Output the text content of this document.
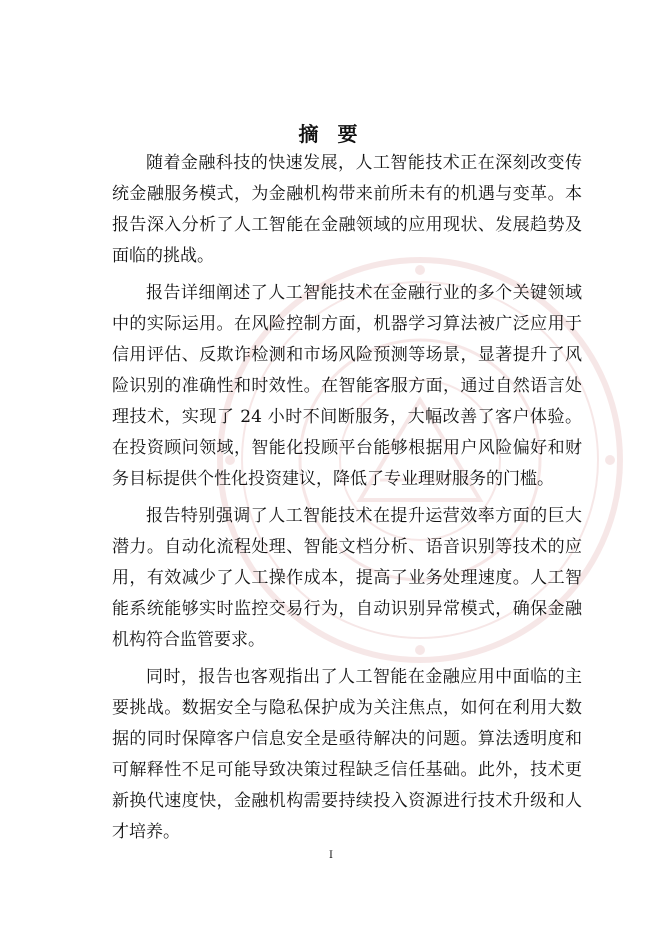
摘 要

随着金融科技的快速发展，人工智能技术正在深刻改变传统金融服务模式，为金融机构带来前所未有的机遇与变革。本报告深入分析了人工智能在金融领域的应用现状、发展趋势及面临的挑战。

报告详细阐述了人工智能技术在金融行业的多个关键领域中的实际运用。在风险控制方面，机器学习算法被广泛应用于信用评估、反欺诈检测和市场风险预测等场景，显著提升了风险识别的准确性和时效性。在智能客服方面，通过自然语言处理技术，实现了 24 小时不间断服务，大幅改善了客户体验。在投资顾问领域，智能化投顾平台能够根据用户风险偏好和财务目标提供个性化投资建议，降低了专业理财服务的门槛。

报告特别强调了人工智能技术在提升运营效率方面的巨大潜力。自动化流程处理、智能文档分析、语音识别等技术的应用，有效减少了人工操作成本，提高了业务处理速度。人工智能系统能够实时监控交易行为，自动识别异常模式，确保金融机构符合监管要求。

同时，报告也客观指出了人工智能在金融应用中面临的主要挑战。数据安全与隐私保护成为关注焦点，如何在利用大数据的同时保障客户信息安全是亟待解决的问题。算法透明度和可解释性不足可能导致决策过程缺乏信任基础。此外，技术更新换代速度快，金融机构需要持续投入资源进行技术升级和人才培养。

I
